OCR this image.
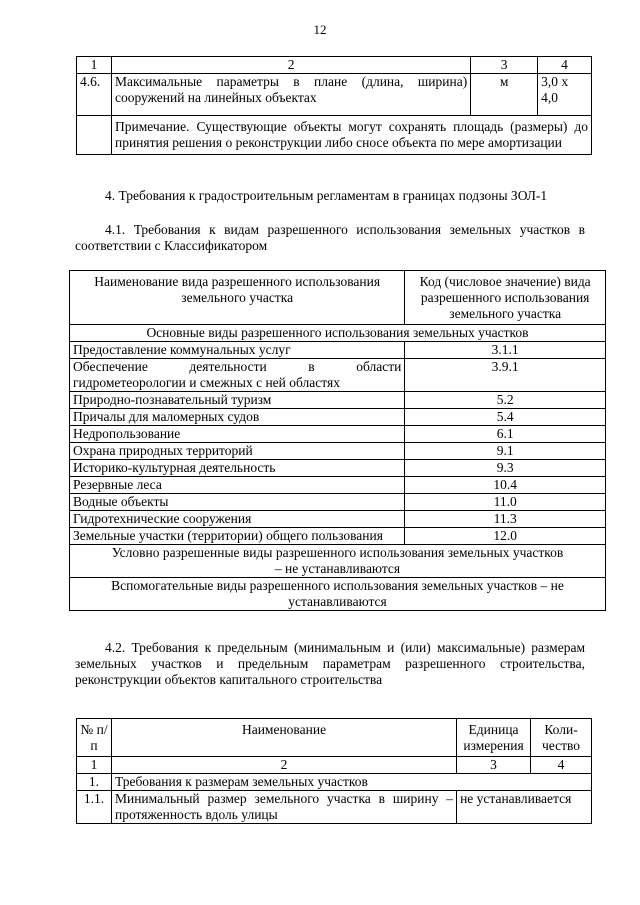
12
1	2	3	4
4.6.	Максимальные параметры в плане (длина, ширина) сооружений на линейных объектах	м	3,0 х 4,0
	Примечание. Существующие объекты могут сохранять площадь (размеры) до принятия решения о реконструкции либо сносе объекта по мере амортизации		
4. Требования к градостроительным регламентам в границах подзоны ЗОЛ-1
4.1. Требования к видам разрешенного использования земельных участков в соответствии с Классификатором
Наименование вида разрешенного использования земельного участка	Код (числовое значение) вида разрешенного использования земельного участка
Основные виды разрешенного использования земельных участков	
Предоставление коммунальных услуг	3.1.1
Обеспечение деятельности в области гидрометеорологии и смежных с ней областях	3.9.1
Природно-познавательный туризм	5.2
Причалы для маломерных судов	5.4
Недропользование	6.1
Охрана природных территорий	9.1
Историко-культурная деятельность	9.3
Резервные леса	10.4
Водные объекты	11.0
Гидротехнические сооружения	11.3
Земельные участки (территории) общего пользования	12.0
Условно разрешенные виды разрешенного использования земельных участков – не устанавливаются	
Вспомогательные виды разрешенного использования земельных участков – не устанавливаются	
4.2. Требования к предельным (минимальным и (или) максимальные) размерам земельных участков и предельным параметрам разрешенного строительства, реконструкции объектов капитального строительства
№ п/п	Наименование	Единица измерения	Коли-чество
1	2	3	4
1.	Требования к размерам земельных участков		
1.1.	Минимальный размер земельного участка в ширину – протяженность вдоль улицы	не устанавливается	
